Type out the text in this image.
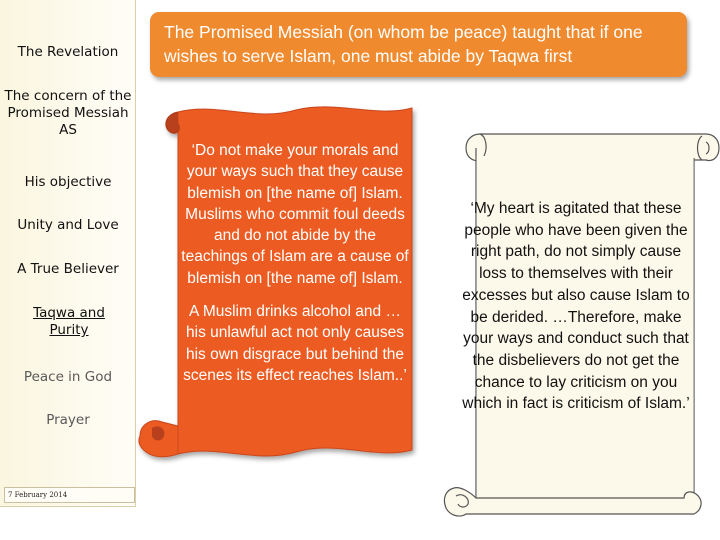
The Revelation
The concern of the Promised Messiah AS
His objective
Unity and Love
A True Believer
Taqwa and Purity
Peace in God
Prayer
7 February 2014
The Promised Messiah (on whom be peace) taught that if one wishes to serve Islam, one must abide by Taqwa first

‘Do not make your morals and your ways such that they cause blemish on [the name of] Islam. Muslims who commit foul deeds and do not abide by the teachings of Islam are a cause of blemish on [the name of] Islam.

A Muslim drinks alcohol and … his unlawful act not only causes his own disgrace but behind the scenes its effect reaches Islam..’

‘My heart is agitated that these people who have been given the right path, do not simply cause loss to themselves with their excesses but also cause Islam to be derided. …Therefore, make your ways and conduct such that the disbelievers do not get the chance to lay criticism on you which in fact is criticism of Islam.’
